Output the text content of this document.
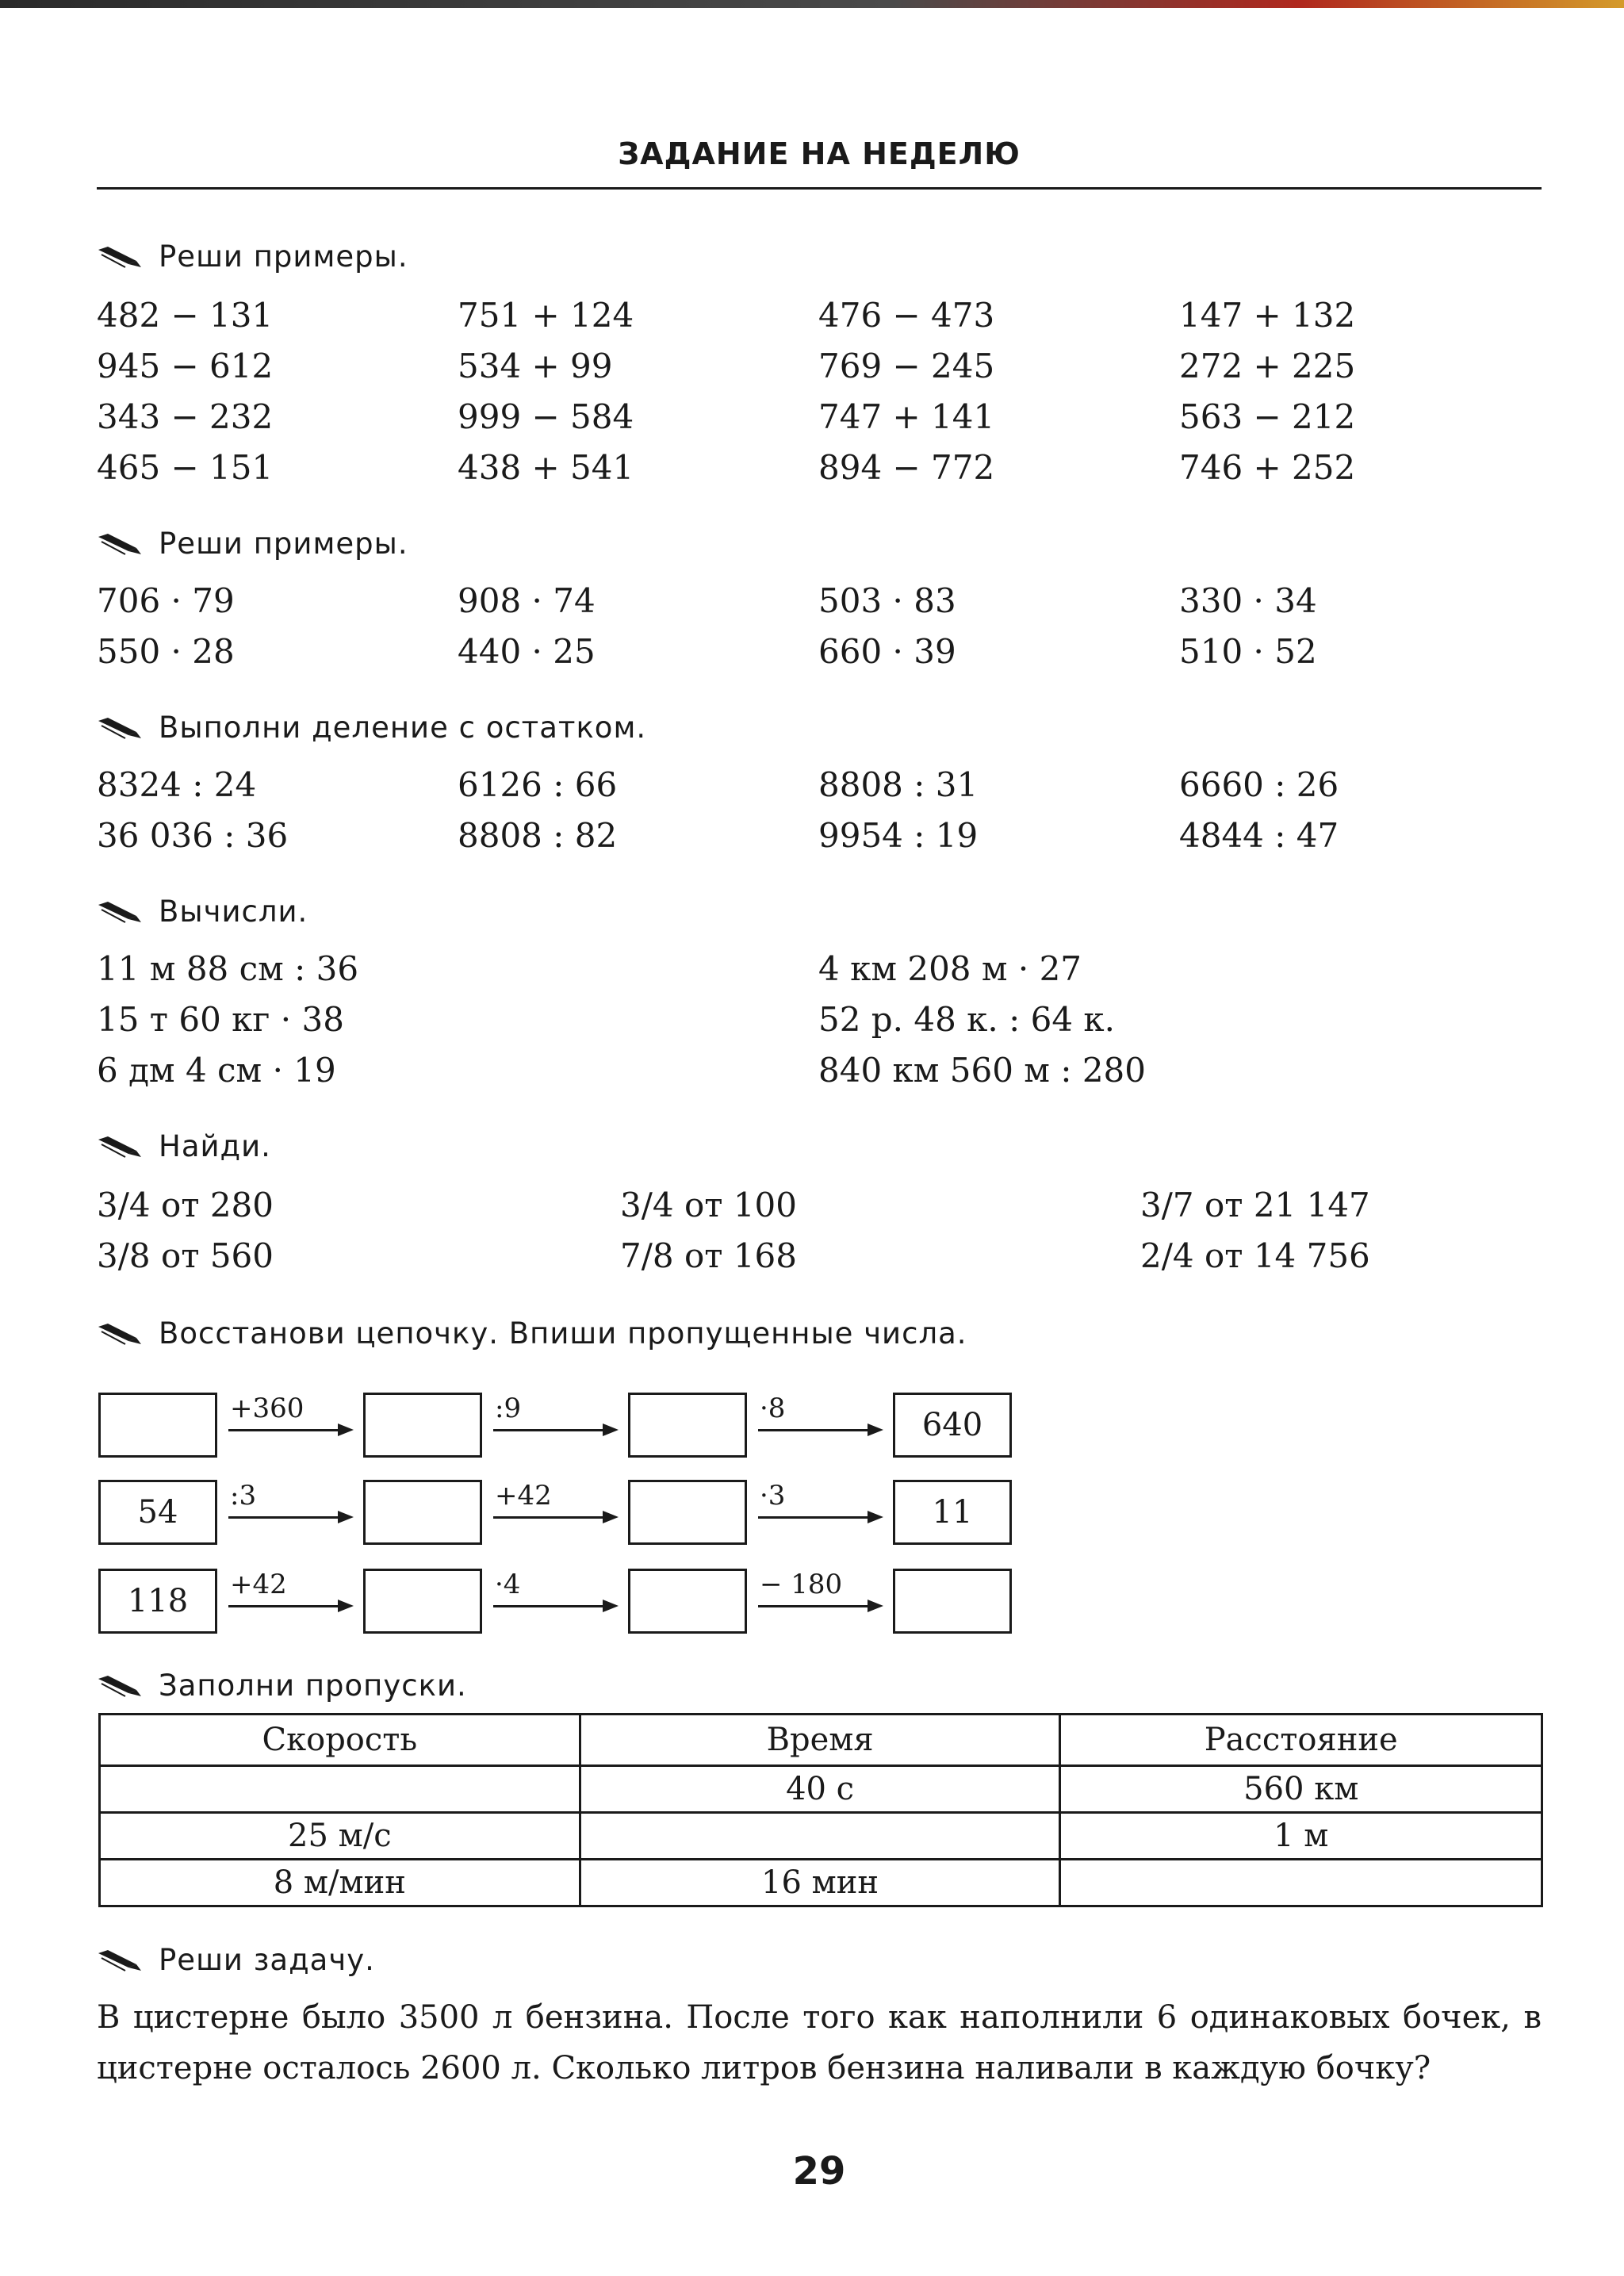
ЗАДАНИЕ НА НЕДЕЛЮ
Реши примеры.
482 − 131	751 + 124	476 − 473	147 + 132
945 − 612	534 + 99	769 − 245	272 + 225
343 − 232	999 − 584	747 + 141	563 − 212
465 − 151	438 + 541	894 − 772	746 + 252
Реши примеры.
706 · 79	908 · 74	503 · 83	330 · 34
550 · 28	440 · 25	660 · 39	510 · 52
Выполни деление с остатком.
8324 : 24	6126 : 66	8808 : 31	6660 : 26
36 036 : 36	8808 : 82	9954 : 19	4844 : 47
Вычисли.
11 м 88 см : 36	4 км 208 м · 27
15 т 60 кг · 38	52 р. 48 к. : 64 к.
6 дм 4 см · 19	840 км 560 м : 280
Найди.
3/4 от 280	3/4 от 100	3/7 от 21 147
3/8 от 560	7/8 от 168	2/4 от 14 756
Восстанови цепочку. Впиши пропущенные числа.
+360	:9	·8	640
54	:3	+42	·3	11
118	+42	·4	− 180
Заполни пропуски.
Скорость	Время	Расстояние
	40 с	560 км
25 м/с		1 м
8 м/мин	16 мин	
Реши задачу.
В цистерне было 3500 л бензина. После того как наполнили 6 одинаковых бочек, в цистерне осталось 2600 л. Сколько литров бензина наливали в каждую бочку?
29
